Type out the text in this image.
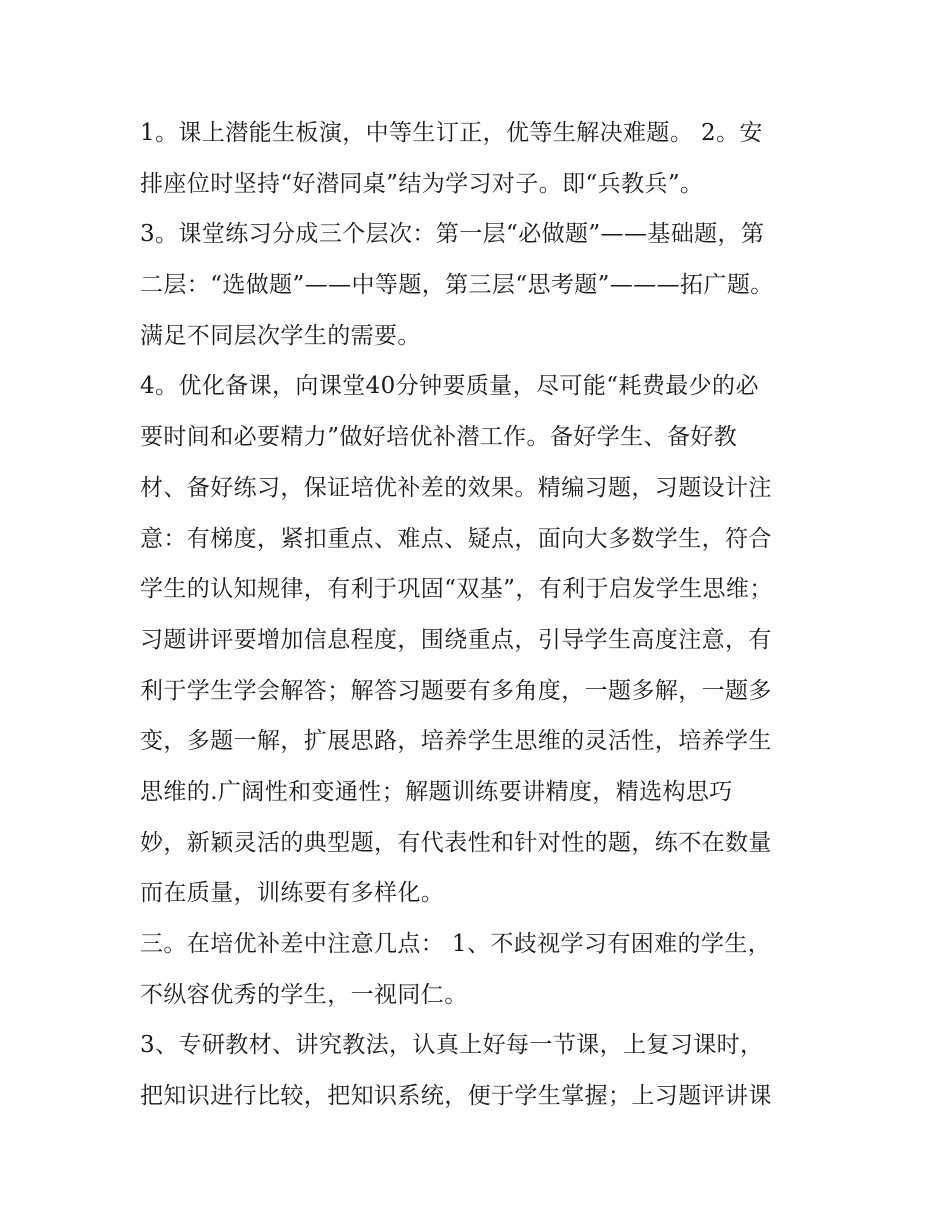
1。课上潜能生板演，中等生订正，优等生解决难题。 2。安
排座位时坚持“好潜同桌”结为学习对子。即“兵教兵”。
3。课堂练习分成三个层次：第一层“必做题”——基础题，第
二层：“选做题”——中等题，第三层“思考题”———拓广题。
满足不同层次学生的需要。
4。优化备课，向课堂40分钟要质量，尽可能“耗费最少的必
要时间和必要精力”做好培优补潜工作。备好学生、备好教
材、备好练习，保证培优补差的效果。精编习题，习题设计注
意：有梯度，紧扣重点、难点、疑点，面向大多数学生，符合
学生的认知规律，有利于巩固“双基”，有利于启发学生思维；
习题讲评要增加信息程度，围绕重点，引导学生高度注意，有
利于学生学会解答；解答习题要有多角度，一题多解，一题多
变，多题一解，扩展思路，培养学生思维的灵活性，培养学生
思维的.广阔性和变通性；解题训练要讲精度，精选构思巧
妙，新颖灵活的典型题，有代表性和针对性的题，练不在数量
而在质量，训练要有多样化。
三。在培优补差中注意几点： 1、不歧视学习有困难的学生，
不纵容优秀的学生，一视同仁。
3、专研教材、讲究教法，认真上好每一节课，上复习课时，
把知识进行比较，把知识系统，便于学生掌握；上习题评讲课
